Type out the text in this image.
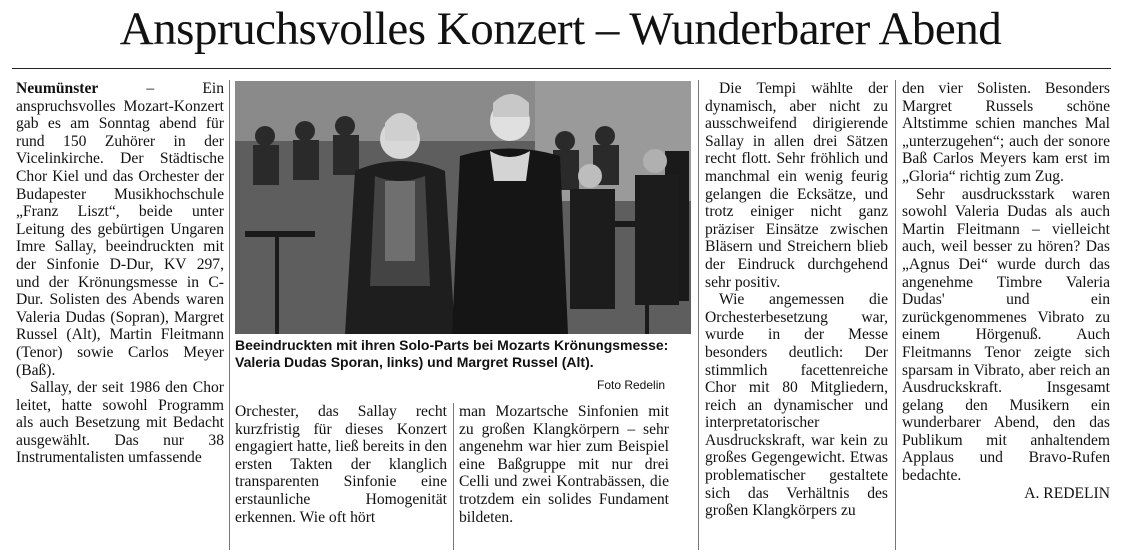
Anspruchsvolles Konzert – Wunderbarer Abend

Neumünster – Ein anspruchsvolles Mozart-Konzert gab es am Sonntag abend für rund 150 Zuhörer in der Vicelinkirche. Der Städtische Chor Kiel und das Orchester der Budapester Musikhochschule „Franz Liszt“, beide unter Leitung des gebürtigen Ungaren Imre Sallay, beeindruckten mit der Sinfonie D-Dur, KV 297, und der Krönungsmesse in C-Dur. Solisten des Abends waren Valeria Dudas (Sopran), Margret Russel (Alt), Martin Fleitmann (Tenor) sowie Carlos Meyer (Baß).

Sallay, der seit 1986 den Chor leitet, hatte sowohl Programm als auch Besetzung mit Bedacht ausgewählt. Das nur 38 Instrumentalisten umfassende

Beeindruckten mit ihren Solo-Parts bei Mozarts Krönungsmesse: Valeria Dudas Sporan, links) und Margret Russel (Alt).
Foto Redelin

Orchester, das Sallay recht kurzfristig für dieses Konzert engagiert hatte, ließ bereits in den ersten Takten der klanglich transparenten Sinfonie eine erstaunliche Homogenität erkennen. Wie oft hört

man Mozartsche Sinfonien mit zu großen Klangkörpern – sehr angenehm war hier zum Beispiel eine Baßgruppe mit nur drei Celli und zwei Kontrabässen, die trotzdem ein solides Fundament bildeten.

Die Tempi wählte der dynamisch, aber nicht zu ausschweifend dirigierende Sallay in allen drei Sätzen recht flott. Sehr fröhlich und manchmal ein wenig feurig gelangen die Ecksätze, und trotz einiger nicht ganz präziser Einsätze zwischen Bläsern und Streichern blieb der Eindruck durchgehend sehr positiv.

Wie angemessen die Orchesterbesetzung war, wurde in der Messe besonders deutlich: Der stimmlich facettenreiche Chor mit 80 Mitgliedern, reich an dynamischer und interpretatorischer Ausdruckskraft, war kein zu großes Gegengewicht. Etwas problematischer gestaltete sich das Verhältnis des großen Klangkörpers zu

den vier Solisten. Besonders Margret Russels schöne Altstimme schien manches Mal „unterzugehen“; auch der sonore Baß Carlos Meyers kam erst im „Gloria“ richtig zum Zug.

Sehr ausdrucksstark waren sowohl Valeria Dudas als auch Martin Fleitmann – vielleicht auch, weil besser zu hören? Das „Agnus Dei“ wurde durch das angenehme Timbre Valeria Dudas' und ein zurückgenommenes Vibrato zu einem Hörgenuß. Auch Fleitmanns Tenor zeigte sich sparsam in Vibrato, aber reich an Ausdruckskraft. Insgesamt gelang den Musikern ein wunderbarer Abend, den das Publikum mit anhaltendem Applaus und Bravo-Rufen bedachte.

A. REDELIN
